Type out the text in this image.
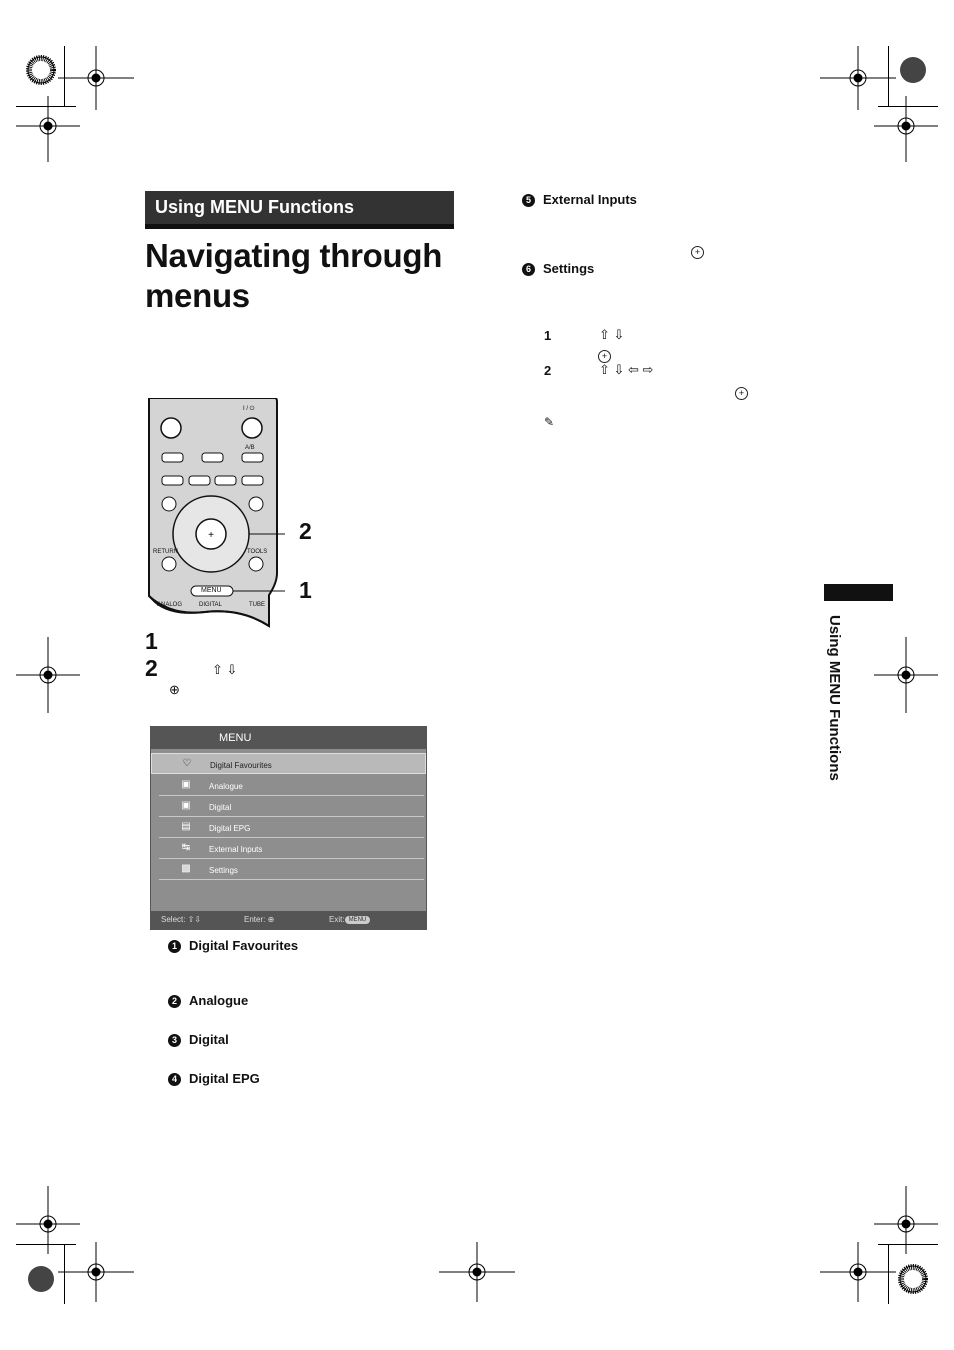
Using MENU Functions
Navigating through
menus
+
I / ⏻
A/B
RETURN	TOOLS
MENU
ANALOG	DIGITAL	TUBE
2
1
1
2	⇧ ⇩
⊕
MENU
♡	Digital Favourites
▣ Analogue
▣ Digital
▤ Digital EPG
↹	External Inputs
▩ Settings
Select: ⇧⇩	Enter: ⊕	Exit: MENU
1 Digital Favourites
2 Analogue
3 Digital
4 Digital EPG
5 External Inputs
+
6 Settings
1	⇧ ⇩
+
2	⇧ ⇩ ⇦ ⇨
+
✎
Using MENU Functions
